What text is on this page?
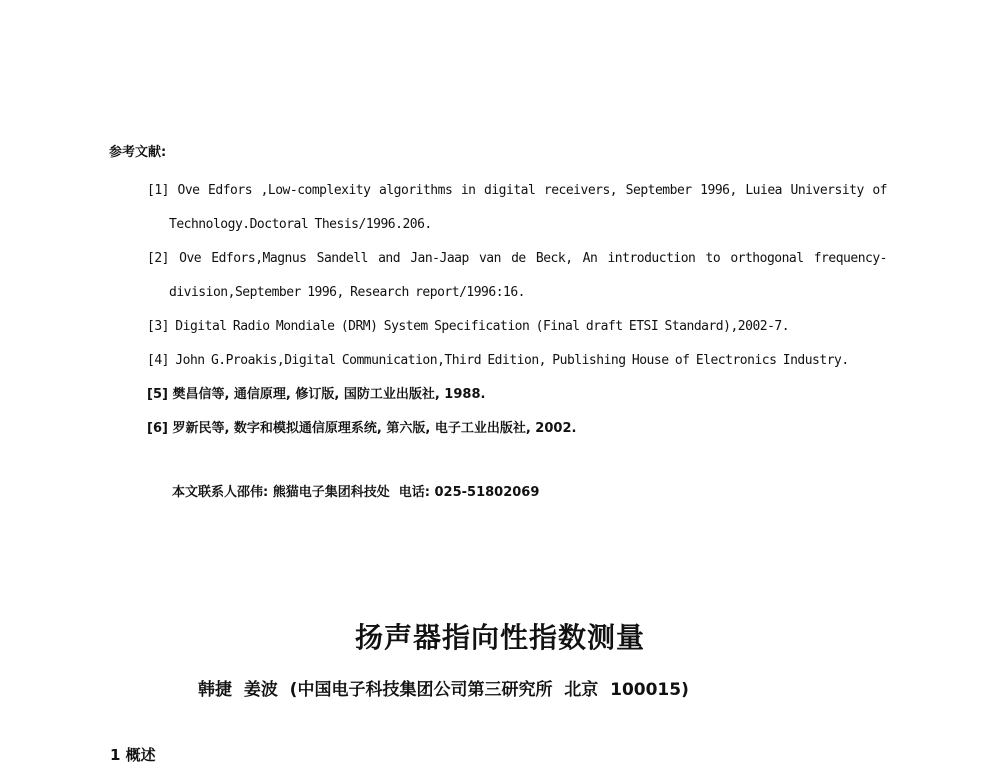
参考文献:
[1] Ove Edfors ,Low-complexity algorithms in digital receivers, September 1996, Luiea University of Technology.Doctoral Thesis/1996.206.
[2] Ove Edfors,Magnus Sandell and Jan-Jaap van de Beck, An introduction to orthogonal frequency-division,September 1996, Research report/1996:16.
[3] Digital Radio Mondiale (DRM) System Specification (Final draft ETSI Standard),2002-7.
[4] John G.Proakis,Digital Communication,Third Edition, Publishing House of Electronics Industry.
[5] 樊昌信等, 通信原理, 修订版, 国防工业出版社, 1988.
[6] 罗新民等, 数字和模拟通信原理系统, 第六版, 电子工业出版社, 2002.
本文联系人邵伟: 熊猫电子集团科技处  电话: 025-51802069
扬声器指向性指数测量
韩捷  姜波  (中国电子科技集团公司第三研究所  北京  100015)
1 概述
